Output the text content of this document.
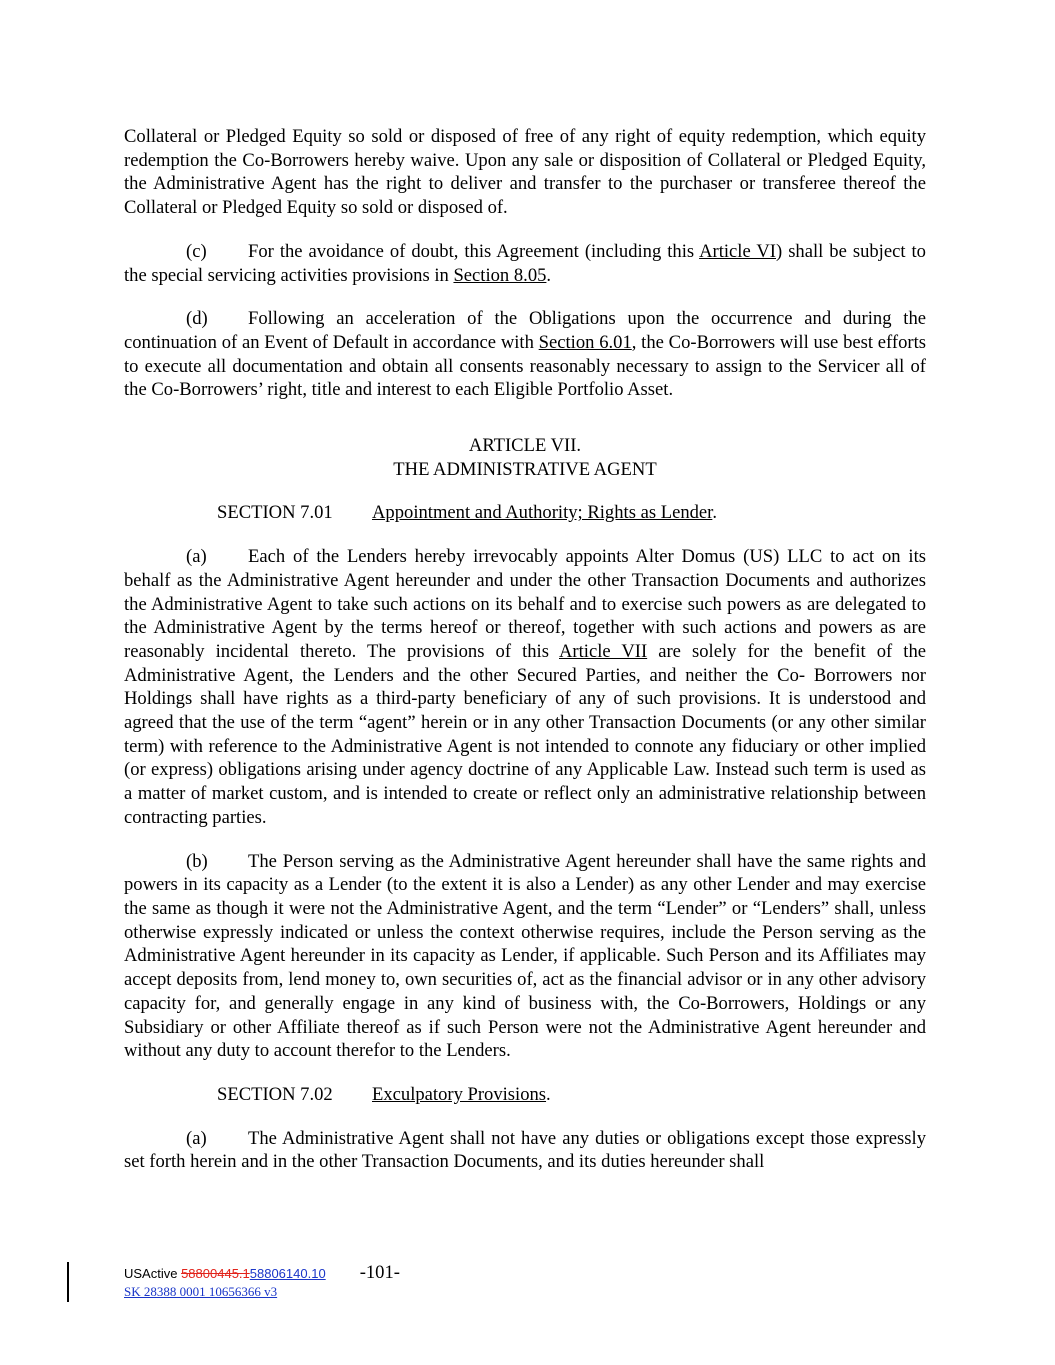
Collateral or Pledged Equity so sold or disposed of free of any right of equity redemption, which equity redemption the Co-Borrowers hereby waive. Upon any sale or disposition of Collateral or Pledged Equity, the Administrative Agent has the right to deliver and transfer to the purchaser or transferee thereof the Collateral or Pledged Equity so sold or disposed of.

(c) For the avoidance of doubt, this Agreement (including this Article VI) shall be subject to the special servicing activities provisions in Section 8.05.

(d) Following an acceleration of the Obligations upon the occurrence and during the continuation of an Event of Default in accordance with Section 6.01, the Co-Borrowers will use best efforts to execute all documentation and obtain all consents reasonably necessary to assign to the Servicer all of the Co-Borrowers’ right, title and interest to each Eligible Portfolio Asset.

ARTICLE VII.

THE ADMINISTRATIVE AGENT

SECTION 7.01 Appointment and Authority; Rights as Lender.

(a) Each of the Lenders hereby irrevocably appoints Alter Domus (US) LLC to act on its behalf as the Administrative Agent hereunder and under the other Transaction Documents and authorizes the Administrative Agent to take such actions on its behalf and to exercise such powers as are delegated to the Administrative Agent by the terms hereof or thereof, together with such actions and powers as are reasonably incidental thereto. The provisions of this Article VII are solely for the benefit of the Administrative Agent, the Lenders and the other Secured Parties, and neither the Co- Borrowers nor Holdings shall have rights as a third-party beneficiary of any of such provisions. It is understood and agreed that the use of the term “agent” herein or in any other Transaction Documents (or any other similar term) with reference to the Administrative Agent is not intended to connote any fiduciary or other implied (or express) obligations arising under agency doctrine of any Applicable Law. Instead such term is used as a matter of market custom, and is intended to create or reflect only an administrative relationship between contracting parties.

(b) The Person serving as the Administrative Agent hereunder shall have the same rights and powers in its capacity as a Lender (to the extent it is also a Lender) as any other Lender and may exercise the same as though it were not the Administrative Agent, and the term “Lender” or “Lenders” shall, unless otherwise expressly indicated or unless the context otherwise requires, include the Person serving as the Administrative Agent hereunder in its capacity as Lender, if applicable. Such Person and its Affiliates may accept deposits from, lend money to, own securities of, act as the financial advisor or in any other advisory capacity for, and generally engage in any kind of business with, the Co-Borrowers, Holdings or any Subsidiary or other Affiliate thereof as if such Person were not the Administrative Agent hereunder and without any duty to account therefor to the Lenders.

SECTION 7.02 Exculpatory Provisions.

(a) The Administrative Agent shall not have any duties or obligations except those expressly set forth herein and in the other Transaction Documents, and its duties hereunder shall

USActive 58800445.158806140.10 -101-
SK 28388 0001 10656366 v3
